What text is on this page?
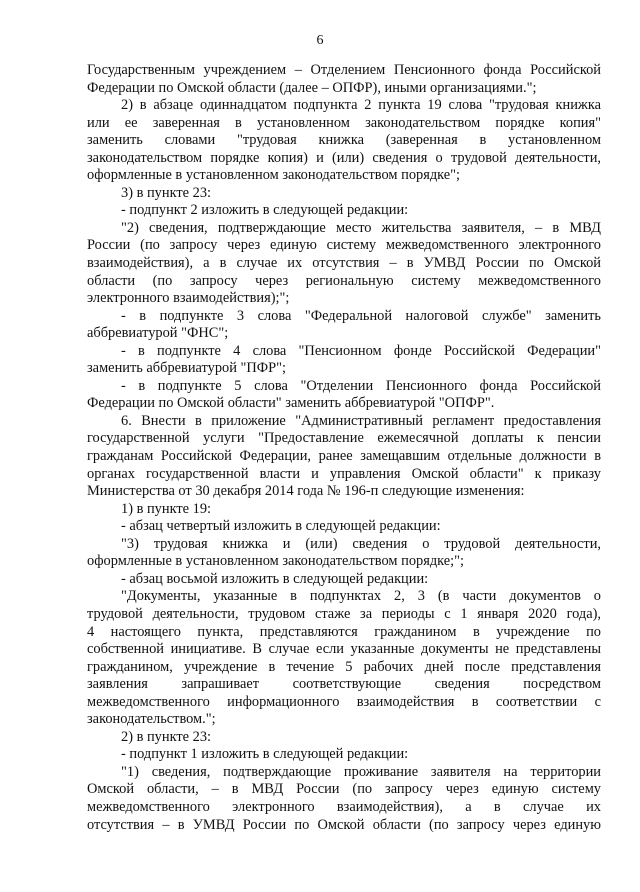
6
Государственным учреждением – Отделением Пенсионного фонда Российской
Федерации по Омской области (далее – ОПФР), иными организациями.";
2) в абзаце одиннадцатом подпункта 2 пункта 19 слова "трудовая книжка
или ее заверенная в установленном законодательством порядке копия"
заменить словами "трудовая книжка (заверенная в установленном
законодательством порядке копия) и (или) сведения о трудовой деятельности,
оформленные в установленном законодательством порядке";
3) в пункте 23:
- подпункт 2 изложить в следующей редакции:
"2) сведения, подтверждающие место жительства заявителя, – в МВД
России (по запросу через единую систему межведомственного электронного
взаимодействия), а в случае их отсутствия – в УМВД России по Омской
области (по запросу через региональную систему межведомственного
электронного взаимодействия);";
- в подпункте 3 слова "Федеральной налоговой службе" заменить
аббревиатурой "ФНС";
- в подпункте 4 слова "Пенсионном фонде Российской Федерации"
заменить аббревиатурой "ПФР";
- в подпункте 5 слова "Отделении Пенсионного фонда Российской
Федерации по Омской области" заменить аббревиатурой "ОПФР".
6. Внести в приложение "Административный регламент предоставления
государственной услуги "Предоставление ежемесячной доплаты к пенсии
гражданам Российской Федерации, ранее замещавшим отдельные должности в
органах государственной власти и управления Омской области" к приказу
Министерства от 30 декабря 2014 года № 196-п следующие изменения:
1) в пункте 19:
- абзац четвертый изложить в следующей редакции:
"3) трудовая книжка и (или) сведения о трудовой деятельности,
оформленные в установленном законодательством порядке;";
- абзац восьмой изложить в следующей редакции:
"Документы, указанные в подпунктах 2, 3 (в части документов о
трудовой деятельности, трудовом стаже за периоды с 1 января 2020 года),
4 настоящего пункта, представляются гражданином в учреждение по
собственной инициативе. В случае если указанные документы не представлены
гражданином, учреждение в течение 5 рабочих дней после представления
заявления запрашивает соответствующие сведения посредством
межведомственного информационного взаимодействия в соответствии с
законодательством.";
2) в пункте 23:
- подпункт 1 изложить в следующей редакции:
"1) сведения, подтверждающие проживание заявителя на территории
Омской области, – в МВД России (по запросу через единую систему
межведомственного электронного взаимодействия), а в случае их
отсутствия – в УМВД России по Омской области (по запросу через единую
